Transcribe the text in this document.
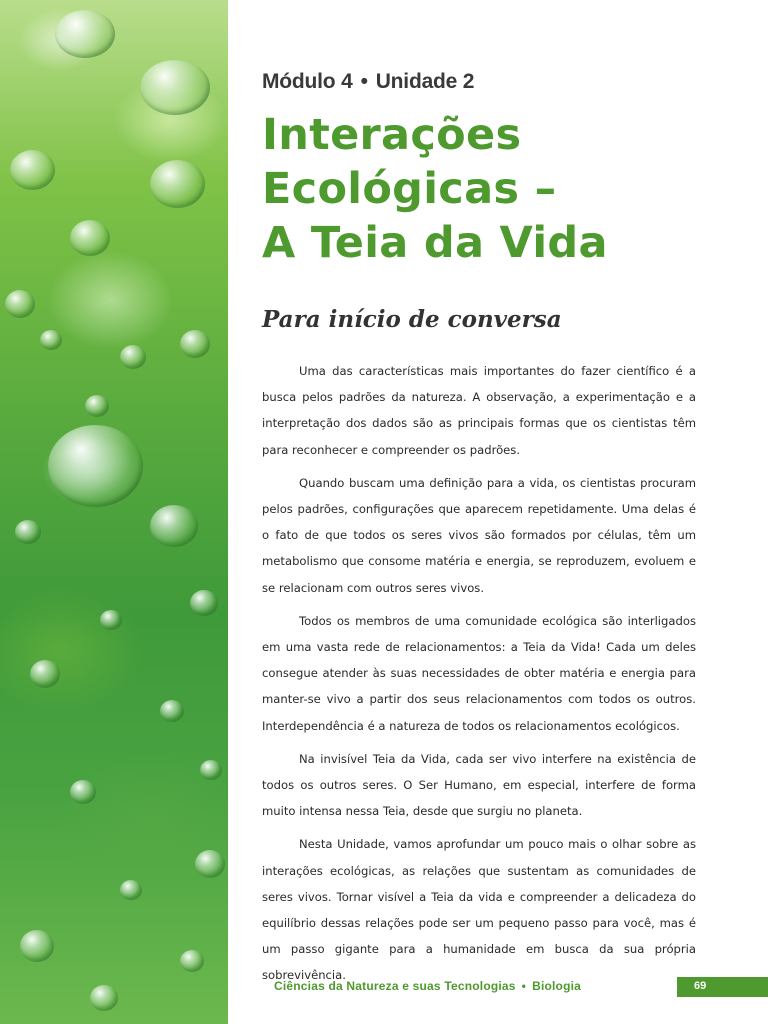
Módulo 4 • Unidade 2
Interações
Ecológicas –
A Teia da Vida
Para início de conversa

Uma das características mais importantes do fazer científico é a busca pelos padrões da natureza. A observação, a experimentação e a interpretação dos dados são as principais formas que os cientistas têm para reconhecer e compreender os padrões.

Quando buscam uma definição para a vida, os cientistas procuram pelos padrões, configurações que aparecem repetidamente. Uma delas é o fato de que todos os seres vivos são formados por células, têm um metabolismo que consome matéria e energia, se reproduzem, evoluem e se relacionam com outros seres vivos.

Todos os membros de uma comunidade ecológica são interligados em uma vasta rede de relacionamentos: a Teia da Vida! Cada um deles consegue atender às suas necessidades de obter matéria e energia para manter-se vivo a partir dos seus relacionamentos com todos os outros. Interdependência é a natureza de todos os relacionamentos ecológicos.

Na invisível Teia da Vida, cada ser vivo interfere na existência de todos os outros seres. O Ser Humano, em especial, interfere de forma muito intensa nessa Teia, desde que surgiu no planeta.

Nesta Unidade, vamos aprofundar um pouco mais o olhar sobre as interações ecológicas, as relações que sustentam as comunidades de seres vivos. Tornar visível a Teia da vida e compreender a delicadeza do equilíbrio dessas relações pode ser um pequeno passo para você, mas é um passo gigante para a humanidade em busca da sua própria sobrevivência.

Ciências da Natureza e suas Tecnologias • Biologia	69
